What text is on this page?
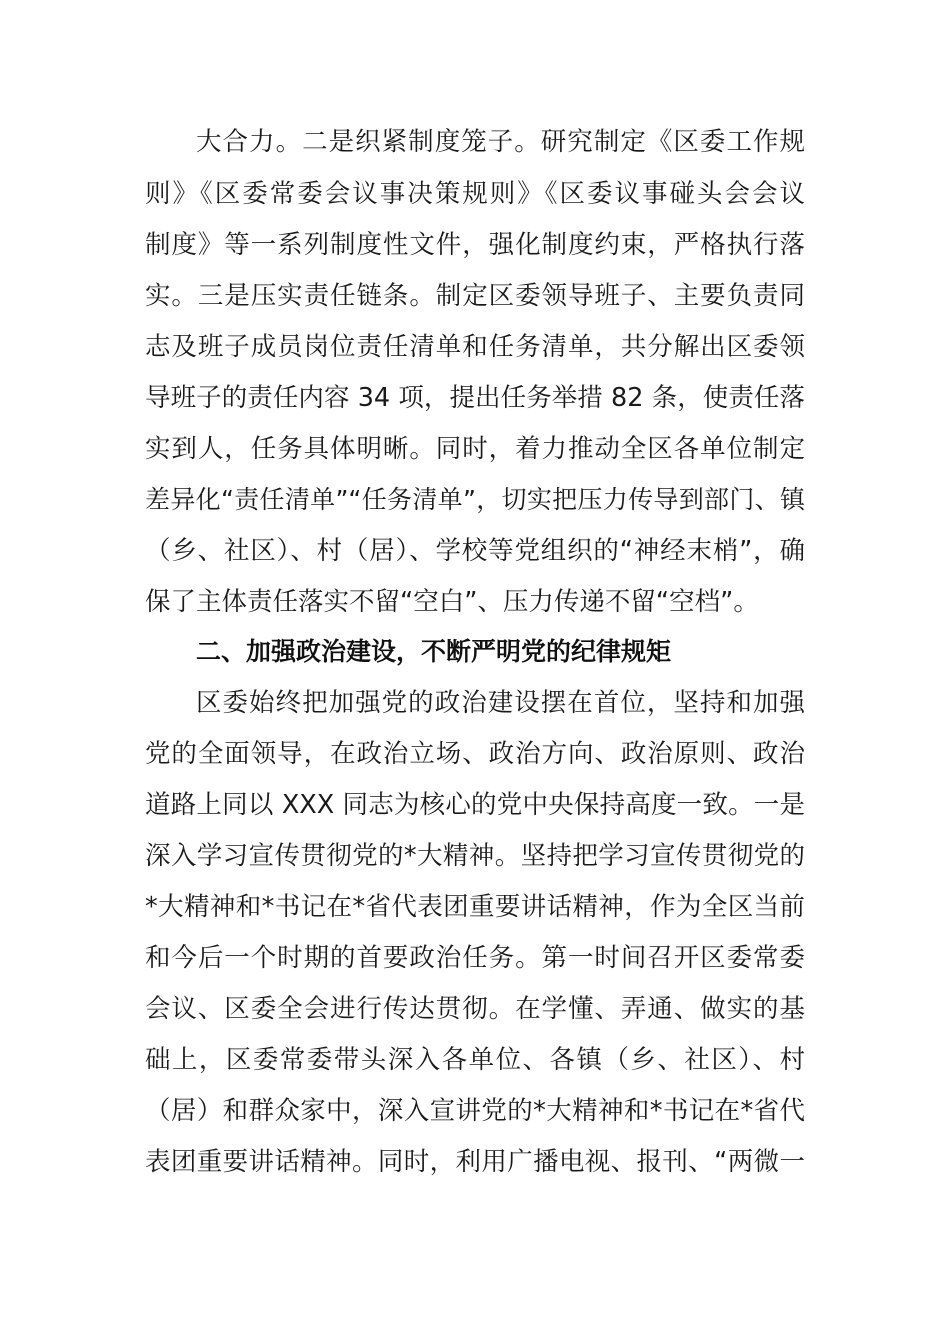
大合力。二是织紧制度笼子。研究制定《区委工作规
则》《区委常委会议事决策规则》《区委议事碰头会会议
制度》等一系列制度性文件，强化制度约束，严格执行落
实。三是压实责任链条。制定区委领导班子、主要负责同
志及班子成员岗位责任清单和任务清单，共分解出区委领
导班子的责任内容 34 项，提出任务举措 82 条，使责任落
实到人，任务具体明晰。同时，着力推动全区各单位制定
差异化“责任清单”“任务清单”，切实把压力传导到部门、镇
（乡、社区）、村（居）、学校等党组织的“神经末梢”，确
保了主体责任落实不留“空白”、压力传递不留“空档”。
二、加强政治建设，不断严明党的纪律规矩
区委始终把加强党的政治建设摆在首位，坚持和加强
党的全面领导，在政治立场、政治方向、政治原则、政治
道路上同以 XXX 同志为核心的党中央保持高度一致。一是
深入学习宣传贯彻党的*大精神。坚持把学习宣传贯彻党的
*大精神和*书记在*省代表团重要讲话精神，作为全区当前
和今后一个时期的首要政治任务。第一时间召开区委常委
会议、区委全会进行传达贯彻。在学懂、弄通、做实的基
础上，区委常委带头深入各单位、各镇（乡、社区）、村
（居）和群众家中，深入宣讲党的*大精神和*书记在*省代
表团重要讲话精神。同时，利用广播电视、报刊、“两微一
